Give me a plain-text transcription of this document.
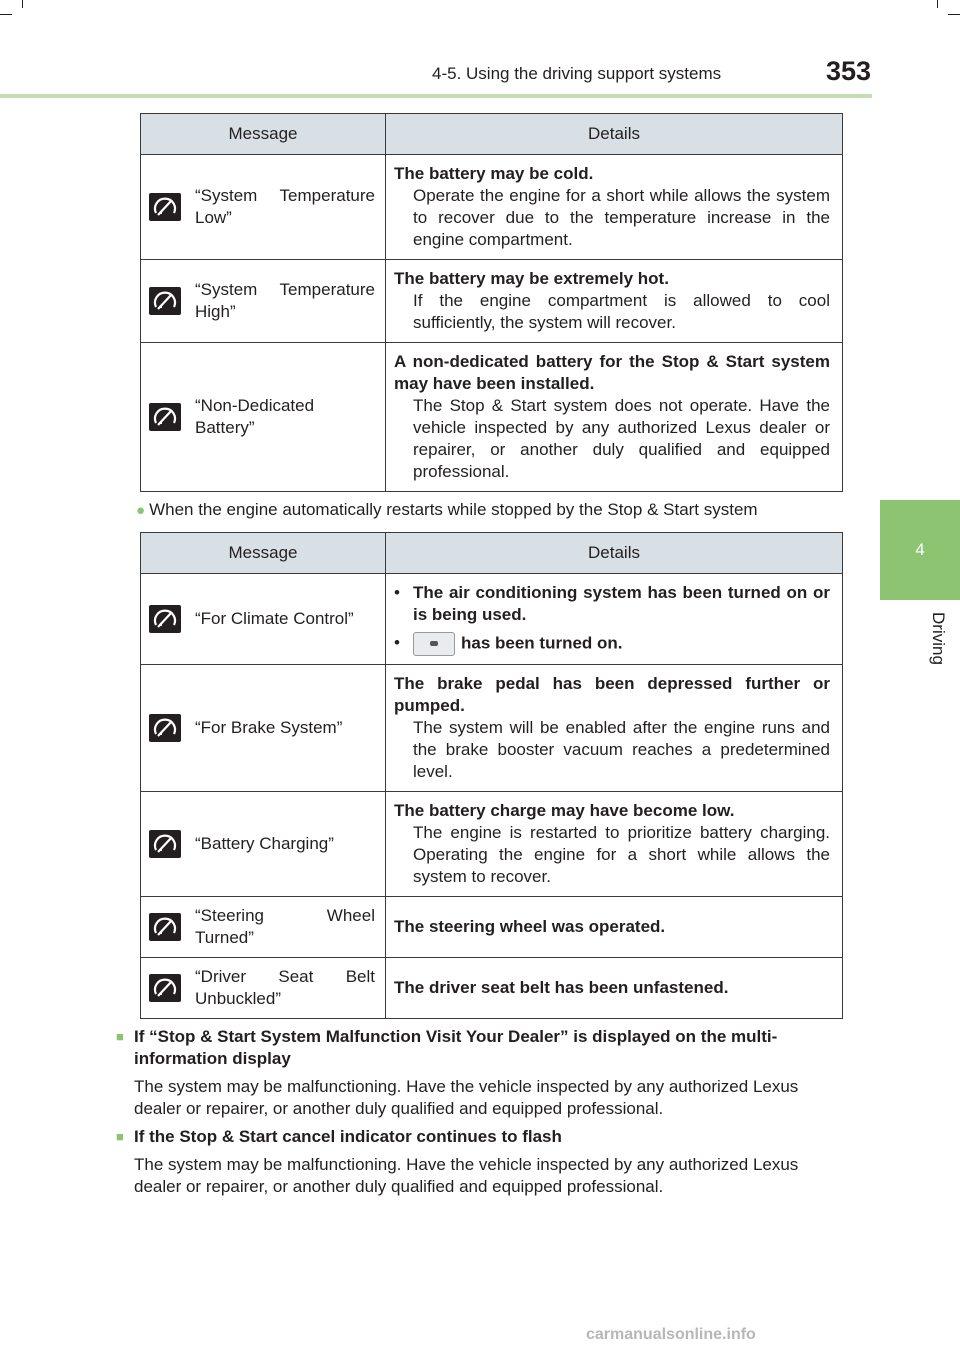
4-5. Using the driving support systems	353
4
Driving
Message	Details

“System Temperature Low”	The battery may be cold.
Operate the engine for a short while allows the system to recover due to the temperature increase in the engine compartment.

“System Temperature High”	The battery may be extremely hot.
If the engine compartment is allowed to cool sufficiently, the system will recover.

“Non-Dedicated Battery”	A non-dedicated battery for the Stop & Start system may have been installed.
The Stop & Start system does not operate. Have the vehicle inspected by any authorized Lexus dealer or repairer, or another duly qualified and equipped professional.
● When the engine automatically restarts while stopped by the Stop & Start system
Message	Details

“For Climate Control”	• The air conditioning system has been turned on or is being used.
• has been turned on.

“For Brake System”	The brake pedal has been depressed further or pumped.
The system will be enabled after the engine runs and the brake booster vacuum reaches a predetermined level.

“Battery Charging”	The battery charge may have become low.
The engine is restarted to prioritize battery charging. Operating the engine for a short while allows the system to recover.

“Steering Wheel Turned”	The steering wheel was operated.

“Driver Seat Belt Unbuckled”	The driver seat belt has been unfastened.
■ If “Stop & Start System Malfunction Visit Your Dealer” is displayed on the multi-information display
The system may be malfunctioning. Have the vehicle inspected by any authorized Lexus dealer or repairer, or another duly qualified and equipped professional.
■ If the Stop & Start cancel indicator continues to flash
The system may be malfunctioning. Have the vehicle inspected by any authorized Lexus dealer or repairer, or another duly qualified and equipped professional.
carmanualsonline.info
